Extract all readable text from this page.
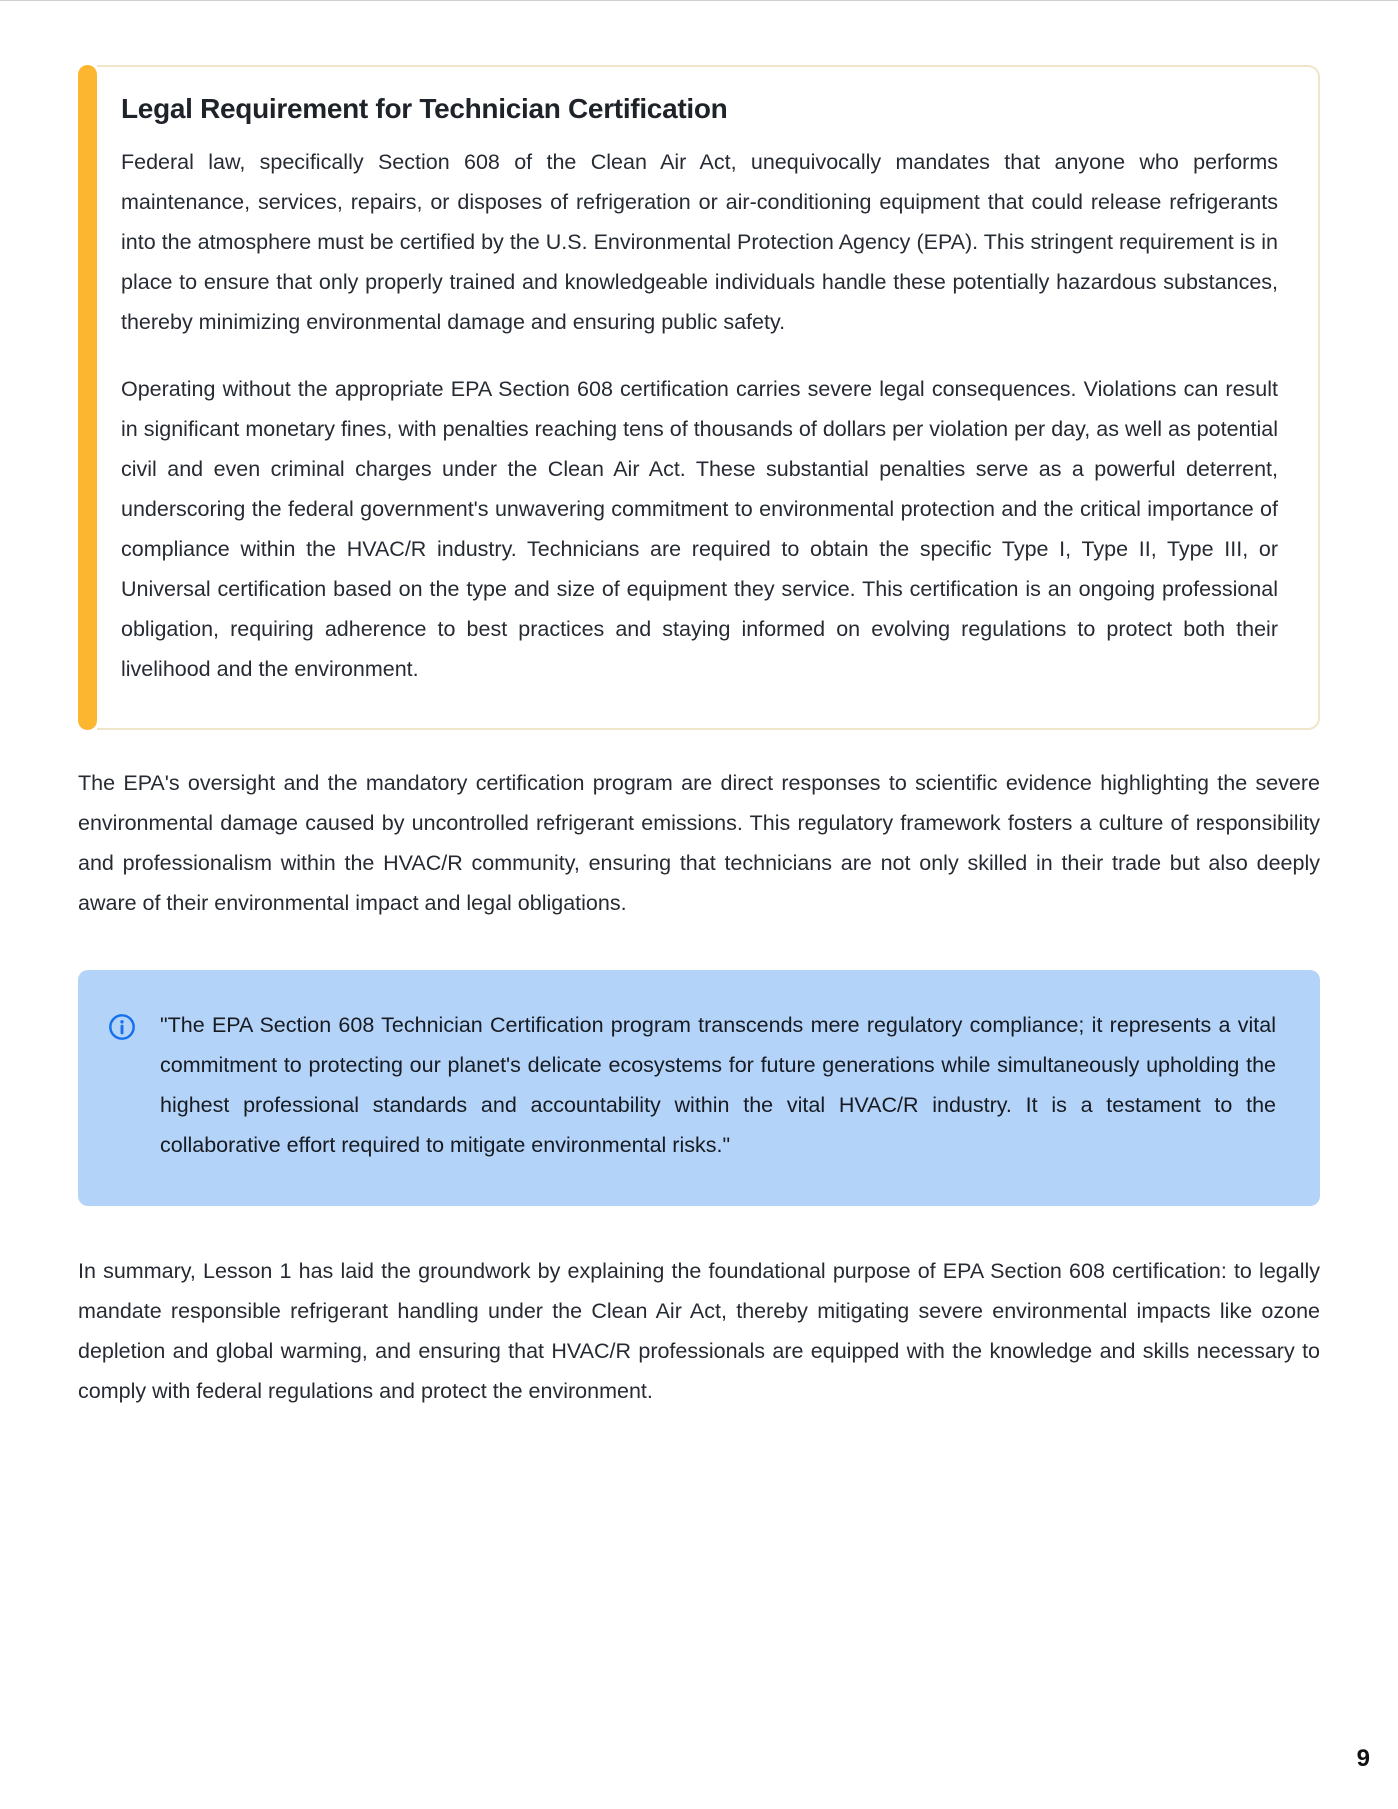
Legal Requirement for Technician Certification

Federal law, specifically Section 608 of the Clean Air Act, unequivocally mandates that anyone who performs maintenance, services, repairs, or disposes of refrigeration or air-conditioning equipment that could release refrigerants into the atmosphere must be certified by the U.S. Environmental Protection Agency (EPA). This stringent requirement is in place to ensure that only properly trained and knowledgeable individuals handle these potentially hazardous substances, thereby minimizing environmental damage and ensuring public safety.

Operating without the appropriate EPA Section 608 certification carries severe legal consequences. Violations can result in significant monetary fines, with penalties reaching tens of thousands of dollars per violation per day, as well as potential civil and even criminal charges under the Clean Air Act. These substantial penalties serve as a powerful deterrent, underscoring the federal government's unwavering commitment to environmental protection and the critical importance of compliance within the HVAC/R industry. Technicians are required to obtain the specific Type I, Type II, Type III, or Universal certification based on the type and size of equipment they service. This certification is an ongoing professional obligation, requiring adherence to best practices and staying informed on evolving regulations to protect both their livelihood and the environment.

The EPA's oversight and the mandatory certification program are direct responses to scientific evidence highlighting the severe environmental damage caused by uncontrolled refrigerant emissions. This regulatory framework fosters a culture of responsibility and professionalism within the HVAC/R community, ensuring that technicians are not only skilled in their trade but also deeply aware of their environmental impact and legal obligations.

"The EPA Section 608 Technician Certification program transcends mere regulatory compliance; it represents a vital commitment to protecting our planet's delicate ecosystems for future generations while simultaneously upholding the highest professional standards and accountability within the vital HVAC/R industry. It is a testament to the collaborative effort required to mitigate environmental risks."

In summary, Lesson 1 has laid the groundwork by explaining the foundational purpose of EPA Section 608 certification: to legally mandate responsible refrigerant handling under the Clean Air Act, thereby mitigating severe environmental impacts like ozone depletion and global warming, and ensuring that HVAC/R professionals are equipped with the knowledge and skills necessary to comply with federal regulations and protect the environment.

9
